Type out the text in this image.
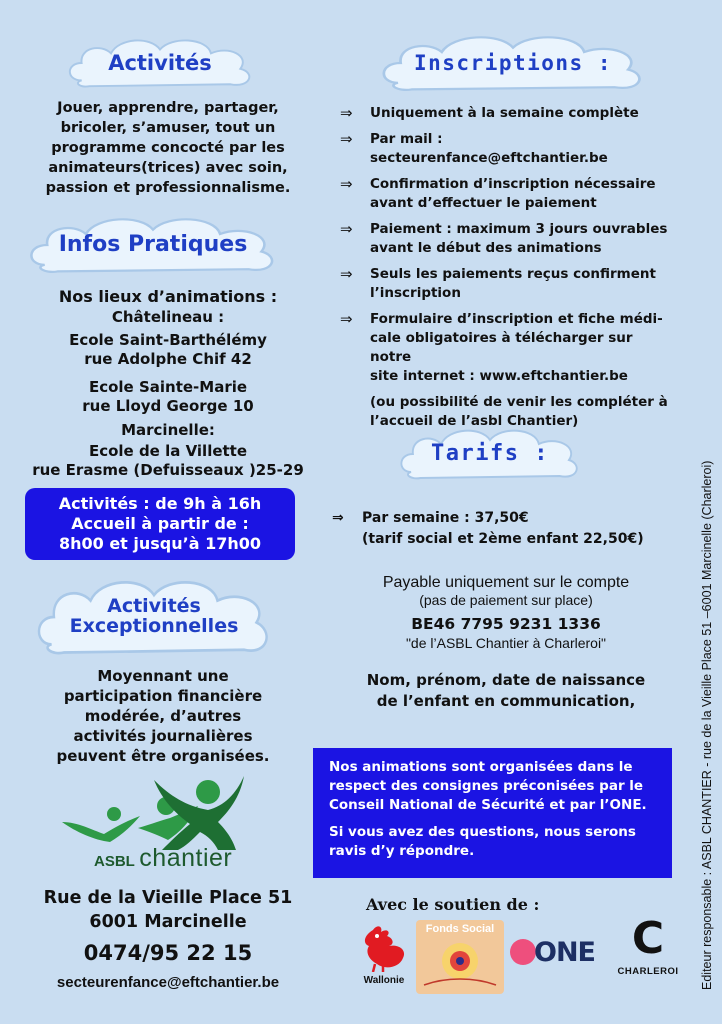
Activités
Jouer, apprendre, partager,
bricoler, s’amuser, tout un
programme concocté par les
animateurs(trices) avec soin,
passion et professionnalisme.
Infos Pratiques
Nos lieux d’animations :
Châtelineau :
Ecole Saint-Barthélémy
rue Adolphe Chif 42
Ecole Sainte-Marie
rue Lloyd George 10
Marcinelle:
Ecole de la Villette
rue Erasme (Defuisseaux )25-29
Activités : de 9h à 16h
Accueil à partir de :
8h00 et jusqu’à 17h00
Activités
Exceptionnelles
Moyennant une
participation financière
modérée, d’autres
activités journalières
peuvent être organisées.
ASBL chantier
Rue de la Vieille Place 51
6001 Marcinelle
0474/95 22 15
secteurenfance@eftchantier.be
Inscriptions :
⇒	Uniquement à la semaine complète
⇒	Par mail :
secteurenfance@eftchantier.be
⇒	Confirmation d’inscription nécessaire
avant d’effectuer le paiement
⇒	Paiement : maximum 3 jours ouvrables
avant le début des animations
⇒	Seuls les paiements reçus confirment
l’inscription
⇒	Formulaire d’inscription et fiche médi-
cale obligatoires à télécharger sur notre
site internet : www.eftchantier.be
(ou possibilité de venir les compléter à
l’accueil de l’asbl Chantier)
Tarifs :
⇒	Par semaine : 37,50€
(tarif social et 2ème enfant 22,50€)
Payable uniquement sur le compte
(pas de paiement sur place)
BE46 7795 9231 1336
"de l’ASBL Chantier à Charleroi"
Nom, prénom, date de naissance
de l’enfant en communication,
Nos animations sont organisées dans le
respect des consignes préconisées par le
Conseil National de Sécurité et par l’ONE.
Si vous avez des questions, nous serons
ravis d’y répondre.
Avec le soutien de :
Wallonie
Fonds Social
ONE C
CHARLEROI Editeur responsable : ASBL CHANTIER - rue de la Vieille Place 51 –6001 Marcinelle (Charleroi)
